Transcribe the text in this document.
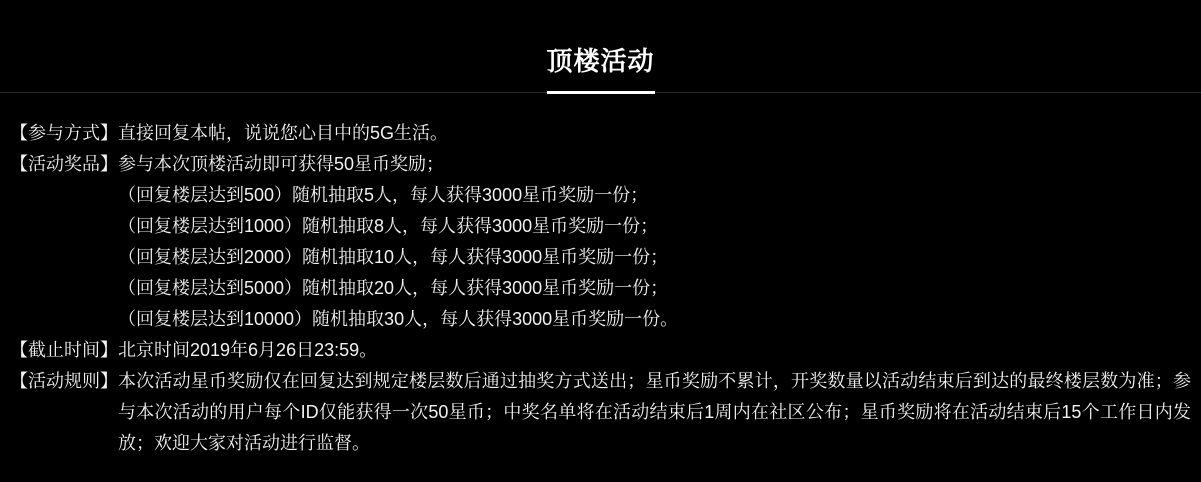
顶楼活动
【参与方式】 直接回复本帖，说说您心目中的5G生活。
【活动奖品】 参与本次顶楼活动即可获得50星币奖励；
（回复楼层达到500）随机抽取5人，每人获得3000星币奖励一份；
（回复楼层达到1000）随机抽取8人，每人获得3000星币奖励一份；
（回复楼层达到2000）随机抽取10人，每人获得3000星币奖励一份；
（回复楼层达到5000）随机抽取20人，每人获得3000星币奖励一份；
（回复楼层达到10000）随机抽取30人，每人获得3000星币奖励一份。
【截止时间】 北京时间2019年6月26日23:59。
【活动规则】 本次活动星币奖励仅在回复达到规定楼层数后通过抽奖方式送出；星币奖励不累计，开奖数量以活动结束后到达的最终楼层数为准；参与本次活动的用户每个ID仅能获得一次50星币；中奖名单将在活动结束后1周内在社区公布；星币奖励将在活动结束后15个工作日内发放；欢迎大家对活动进行监督。
